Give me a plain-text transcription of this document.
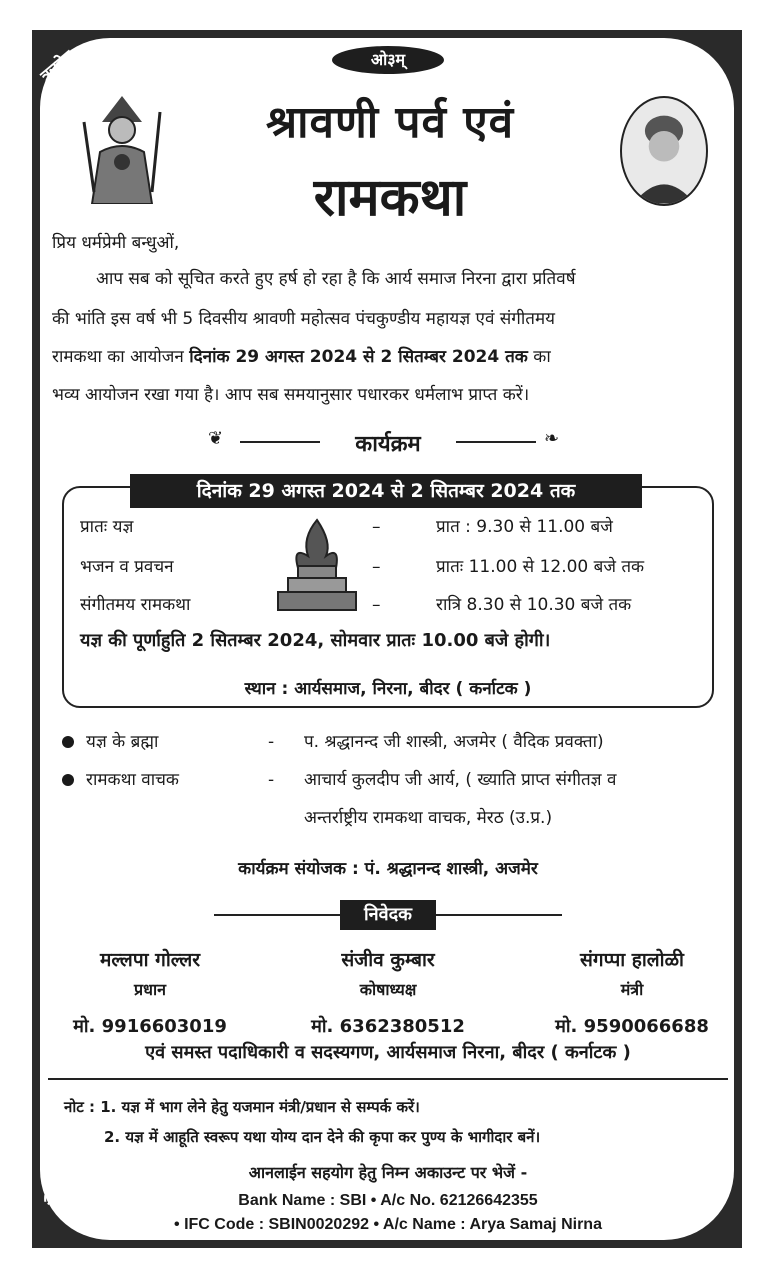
ऋग्वेद	यजुर्वेद
सामवेद	अथर्ववेद
ओ३म्
श्रावणी पर्व एवं
रामकथा
प्रिय धर्मप्रेमी बन्धुओं,
आप सब को सूचित करते हुए हर्ष हो रहा है कि आर्य समाज निरना द्वारा प्रतिवर्ष
की भांति इस वर्ष भी 5 दिवसीय श्रावणी महोत्सव पंचकुण्डीय महायज्ञ एवं संगीतमय
रामकथा का आयोजन दिनांक 29 अगस्त 2024 से 2 सितम्बर 2024 तक का
भव्य आयोजन रखा गया है। आप सब समयानुसार पधारकर धर्मलाभ प्राप्त करें।
❦	❧
कार्यक्रम
दिनांक 29 अगस्त 2024 से 2 सितम्बर 2024 तक
प्रातः यज्ञ	–	प्रात : 9.30 से 11.00 बजे
भजन व प्रवचन	–	प्रातः 11.00 से 12.00 बजे तक
संगीतमय रामकथा	–	रात्रि 8.30 से 10.30 बजे तक
यज्ञ की पूर्णाहुति 2 सितम्बर 2024, सोमवार प्रातः 10.00 बजे होगी।
स्थान : आर्यसमाज, निरना, बीदर ( कर्नाटक )
यज्ञ के ब्रह्मा	- प. श्रद्धानन्द जी शास्त्री, अजमेर ( वैदिक प्रवक्ता)
रामकथा वाचक	- आचार्य कुलदीप जी आर्य, ( ख्याति प्राप्त संगीतज्ञ व
अन्तर्राष्ट्रीय रामकथा वाचक, मेरठ (उ.प्र.)
कार्यक्रम संयोजक : पं. श्रद्धानन्द शास्त्री, अजमेर
निवेदक
मल्लपा गोल्लर
प्रधान
मो. 9916603019
संजीव कुम्बार
कोषाध्यक्ष
मो. 6362380512
संगप्पा हालोळी
मंत्री
मो. 9590066688
एवं समस्त पदाधिकारी व सदस्यगण, आर्यसमाज निरना, बीदर ( कर्नाटक )
नोट : 1. यज्ञ में भाग लेने हेतु यजमान मंत्री/प्रधान से सम्पर्क करें।
2. यज्ञ में आहूति स्वरूप यथा योग्य दान देने की कृपा कर पुण्य के भागीदार बनें।
आनलाईन सहयोग हेतु निम्न अकाउन्ट पर भेजें -
Bank Name : SBI • A/c No. 62126642355
• IFC Code : SBIN0020292 • A/c Name : Arya Samaj Nirna
